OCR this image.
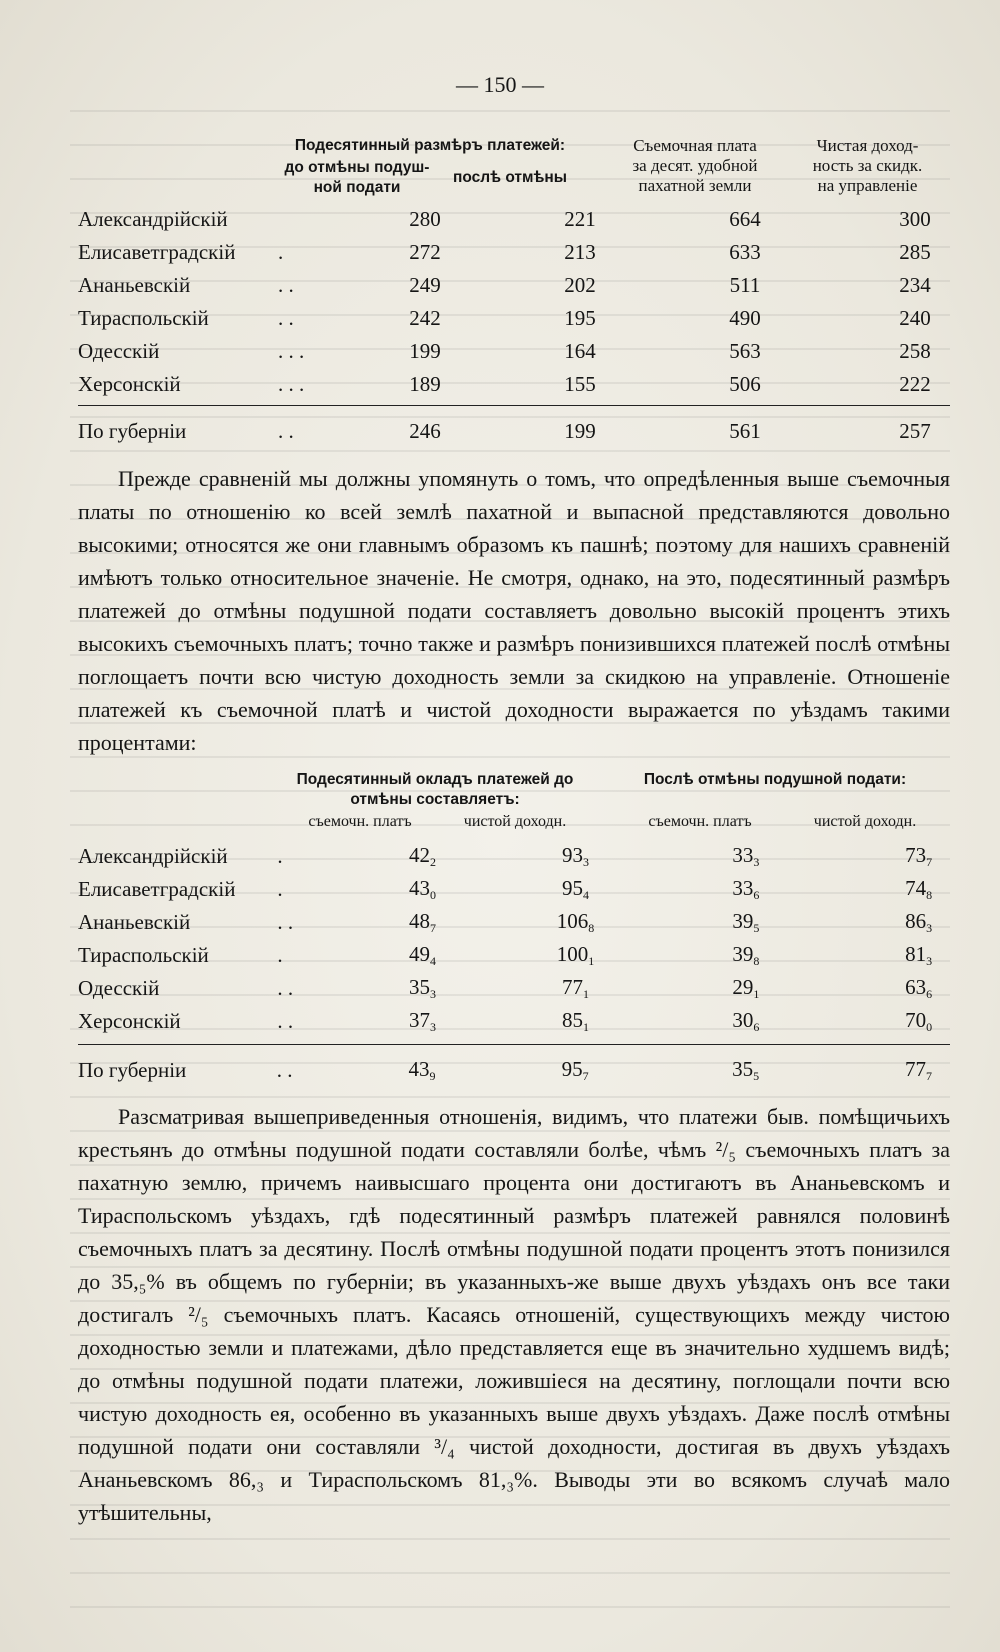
— 150 —
Подесятинный размѣръ платежей:
до отмѣны подуш-
ной подати
послѣ отмѣны
Съемочная плата
за десят. удобной
пахатной земли
Чистая доход-
ность за скидк.
на управленіе
Александрійскій		280	221	664	300
Елисаветградскій	.	272	213	633	285
Ананьевскій	. .	249	202	511	234
Тираспольскій	. .	242	195	490	240
Одесскій	. . .	199	164	563	258
Херсонскій	. . .	189	155	506	222
По губерніи	. .	246	199	561	257

Прежде сравненій мы должны упомянуть о томъ, что опредѣленныя выше съемочныя платы по отношенію ко всей землѣ пахатной и выпасной представляются довольно высокими; относятся же они главнымъ образомъ къ пашнѣ; поэтому для нашихъ сравненій имѣютъ только относительное значеніе. Не смотря, однако, на это, подесятинный размѣръ платежей до отмѣны подушной подати составляетъ довольно высокій процентъ этихъ высокихъ съемочныхъ платъ; точно также и размѣръ понизившихся платежей послѣ отмѣны поглощаетъ почти всю чистую доходность земли за скидкою на управленіе. Отношеніе платежей къ съемочной платѣ и чистой доходности выражается по уѣздамъ такими процентами:

Подесятинный окладъ платежей до отмѣны составляетъ:
Послѣ отмѣны подушной подати:
съемочн. платъ	чистой доходн.	съемочн. платъ	чистой доходн.
Александрійскій	.	$42_2$	$93_3$	$33_3$	$73_7$
Елисаветградскій	.	$43_0$	$95_4$	$33_6$	$74_8$
Ананьевскій	. .	$48_7$	$106_8$	$39_5$	$86_3$
Тираспольскій	.	$49_4$	$100_1$	$39_8$	$81_3$
Одесскій	. .	$35_3$	$77_1$	$29_1$	$63_6$
Херсонскій	. .	$37_3$	$85_1$	$30_6$	$70_0$
По губерніи	. .	$43_9$	$95_7$	$35_5$	$77_7$

Разсматривая вышеприведенныя отношенія, видимъ, что платежи быв. помѣщичьихъ крестьянъ до отмѣны подушной подати составляли болѣе, чѣмъ ²/₅ съемочныхъ платъ за пахатную землю, причемъ наивысшаго процента они достигаютъ въ Ананьевскомъ и Тираспольскомъ уѣздахъ, гдѣ подесятинный размѣръ платежей равнялся половинѣ съемочныхъ платъ за десятину. Послѣ отмѣны подушной подати процентъ этотъ понизился до 35,₅% въ общемъ по губерніи; въ указанныхъ-же выше двухъ уѣздахъ онъ все таки достигалъ ²/₅ съемочныхъ платъ. Касаясь отношеній, существующихъ между чистою доходностью земли и платежами, дѣло представляется еще въ значительно худшемъ видѣ; до отмѣны подушной подати платежи, ложившіеся на десятину, поглощали почти всю чистую доходность ея, особенно въ указанныхъ выше двухъ уѣздахъ. Даже послѣ отмѣны подушной подати они составляли ³/₄ чистой доходности, достигая въ двухъ уѣздахъ Ананьевскомъ 86,₃ и Тираспольскомъ 81,₃%. Выводы эти во всякомъ случаѣ мало утѣшительны,
